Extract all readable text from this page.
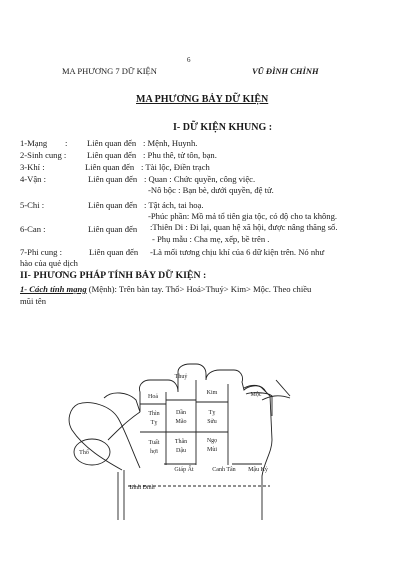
MA PHƯƠNG 7 DỮ KIỆN
6
VŨ ĐÌNH CHỈNH
MA PHƯƠNG BẢY DỮ KIỆN
I- DỮ KIỆN KHUNG :
1-Mạng : Liên quan đến : Mệnh, Huynh.
2-Sinh cung : Liên quan đến : Phu thê, tử tôn, bạn.
3-Khí :	Liên quan đến : Tài lộc, Điền trạch
4-Vận :	Liên quan đến : Quan : Chức quyền, công việc.
-Nô bộc : Bạn bè, dưới quyền, đệ tử.
5-Chi :	Liên quan đến : Tật ách, tai hoạ.
-Phúc phần: Mồ mả tổ tiên gia tộc, có độ cho ta không.
6-Can :	Liên quan đến :Thiên Di : Đi lại, quan hệ xã hội, được nâng thăng số.
- Phụ mẫu : Cha mẹ, xếp, bề trên .
7-Phi cung :	Liên quan đến -Là mối tương chịu khí của 6 dữ kiện trên. Nó như
hào của quẻ dịch
II- PHƯƠNG PHÁP TÍNH BẢY DỮ KIỆN :
1- Cách tính mạng (Mệnh): Trên bàn tay. Thổ> Hoả>Thuỷ> Kim> Mộc. Theo chiều
mũi tên
Hoả
Thuỷ
Kim	Mộc
Thổ
Thìn
Tỵ
Dần
Mão
Tỵ
Sửu
Tuất
hợi
Thân
Dậu
Ngọ
Mùi
Giáp Ất	Canh Tân Mậu Kỷ
Bính Đinh
